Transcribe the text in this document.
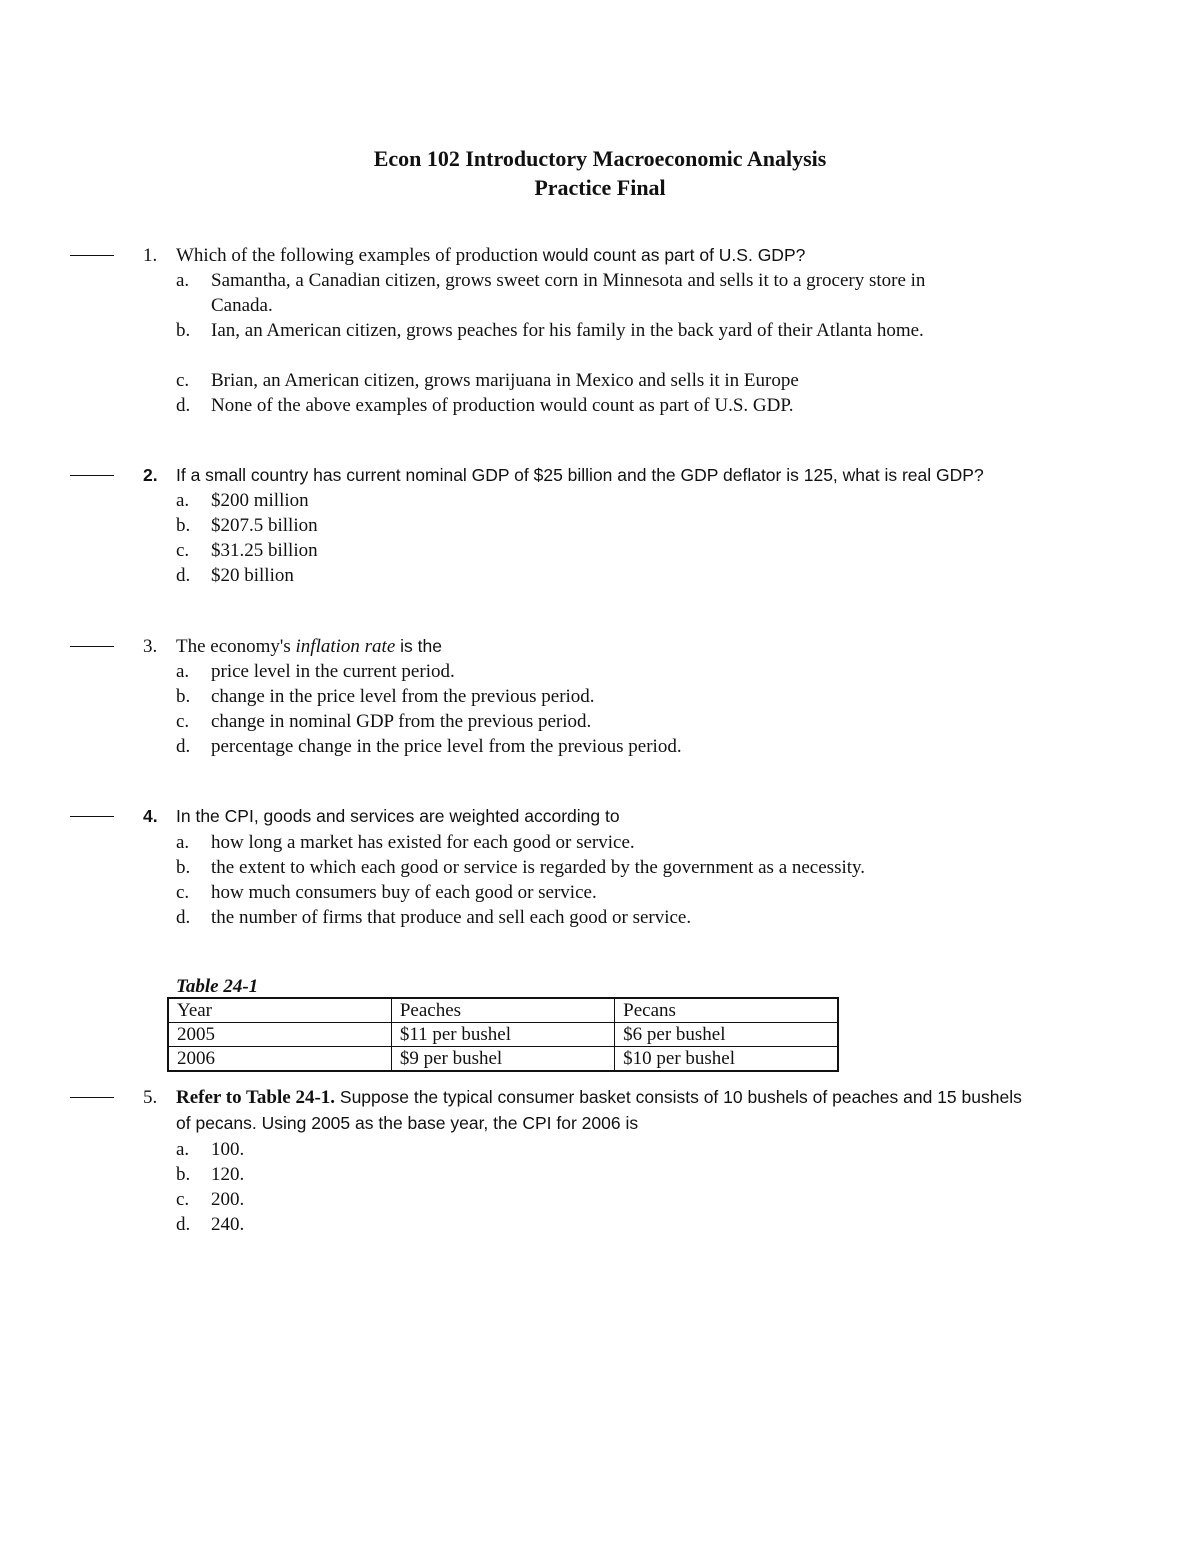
Econ 102 Introductory Macroeconomic Analysis
Practice Final
1. Which of the following examples of production would count as part of U.S. GDP?
a. Samantha, a Canadian citizen, grows sweet corn in Minnesota and sells it to a grocery store in Canada.
b. Ian, an American citizen, grows peaches for his family in the back yard of their Atlanta home.
c. Brian, an American citizen, grows marijuana in Mexico and sells it in Europe
d. None of the above examples of production would count as part of U.S. GDP.
2. If a small country has current nominal GDP of $25 billion and the GDP deflator is 125, what is real GDP?
a. $200 million
b. $207.5 billion
c. $31.25 billion
d. $20 billion
3. The economy's inflation rate is the
a. price level in the current period.
b. change in the price level from the previous period.
c. change in nominal GDP from the previous period.
d. percentage change in the price level from the previous period.
4. In the CPI, goods and services are weighted according to
a. how long a market has existed for each good or service.
b. the extent to which each good or service is regarded by the government as a necessity.
c. how much consumers buy of each good or service.
d. the number of firms that produce and sell each good or service.
Table 24-1
Year	Peaches	Pecans
2005	$11 per bushel	$6 per bushel
2006	$9 per bushel	$10 per bushel
5. Refer to Table 24-1. Suppose the typical consumer basket consists of 10 bushels of peaches and 15 bushels
of pecans. Using 2005 as the base year, the CPI for 2006 is
a. 100.
b. 120.
c. 200.
d. 240.
